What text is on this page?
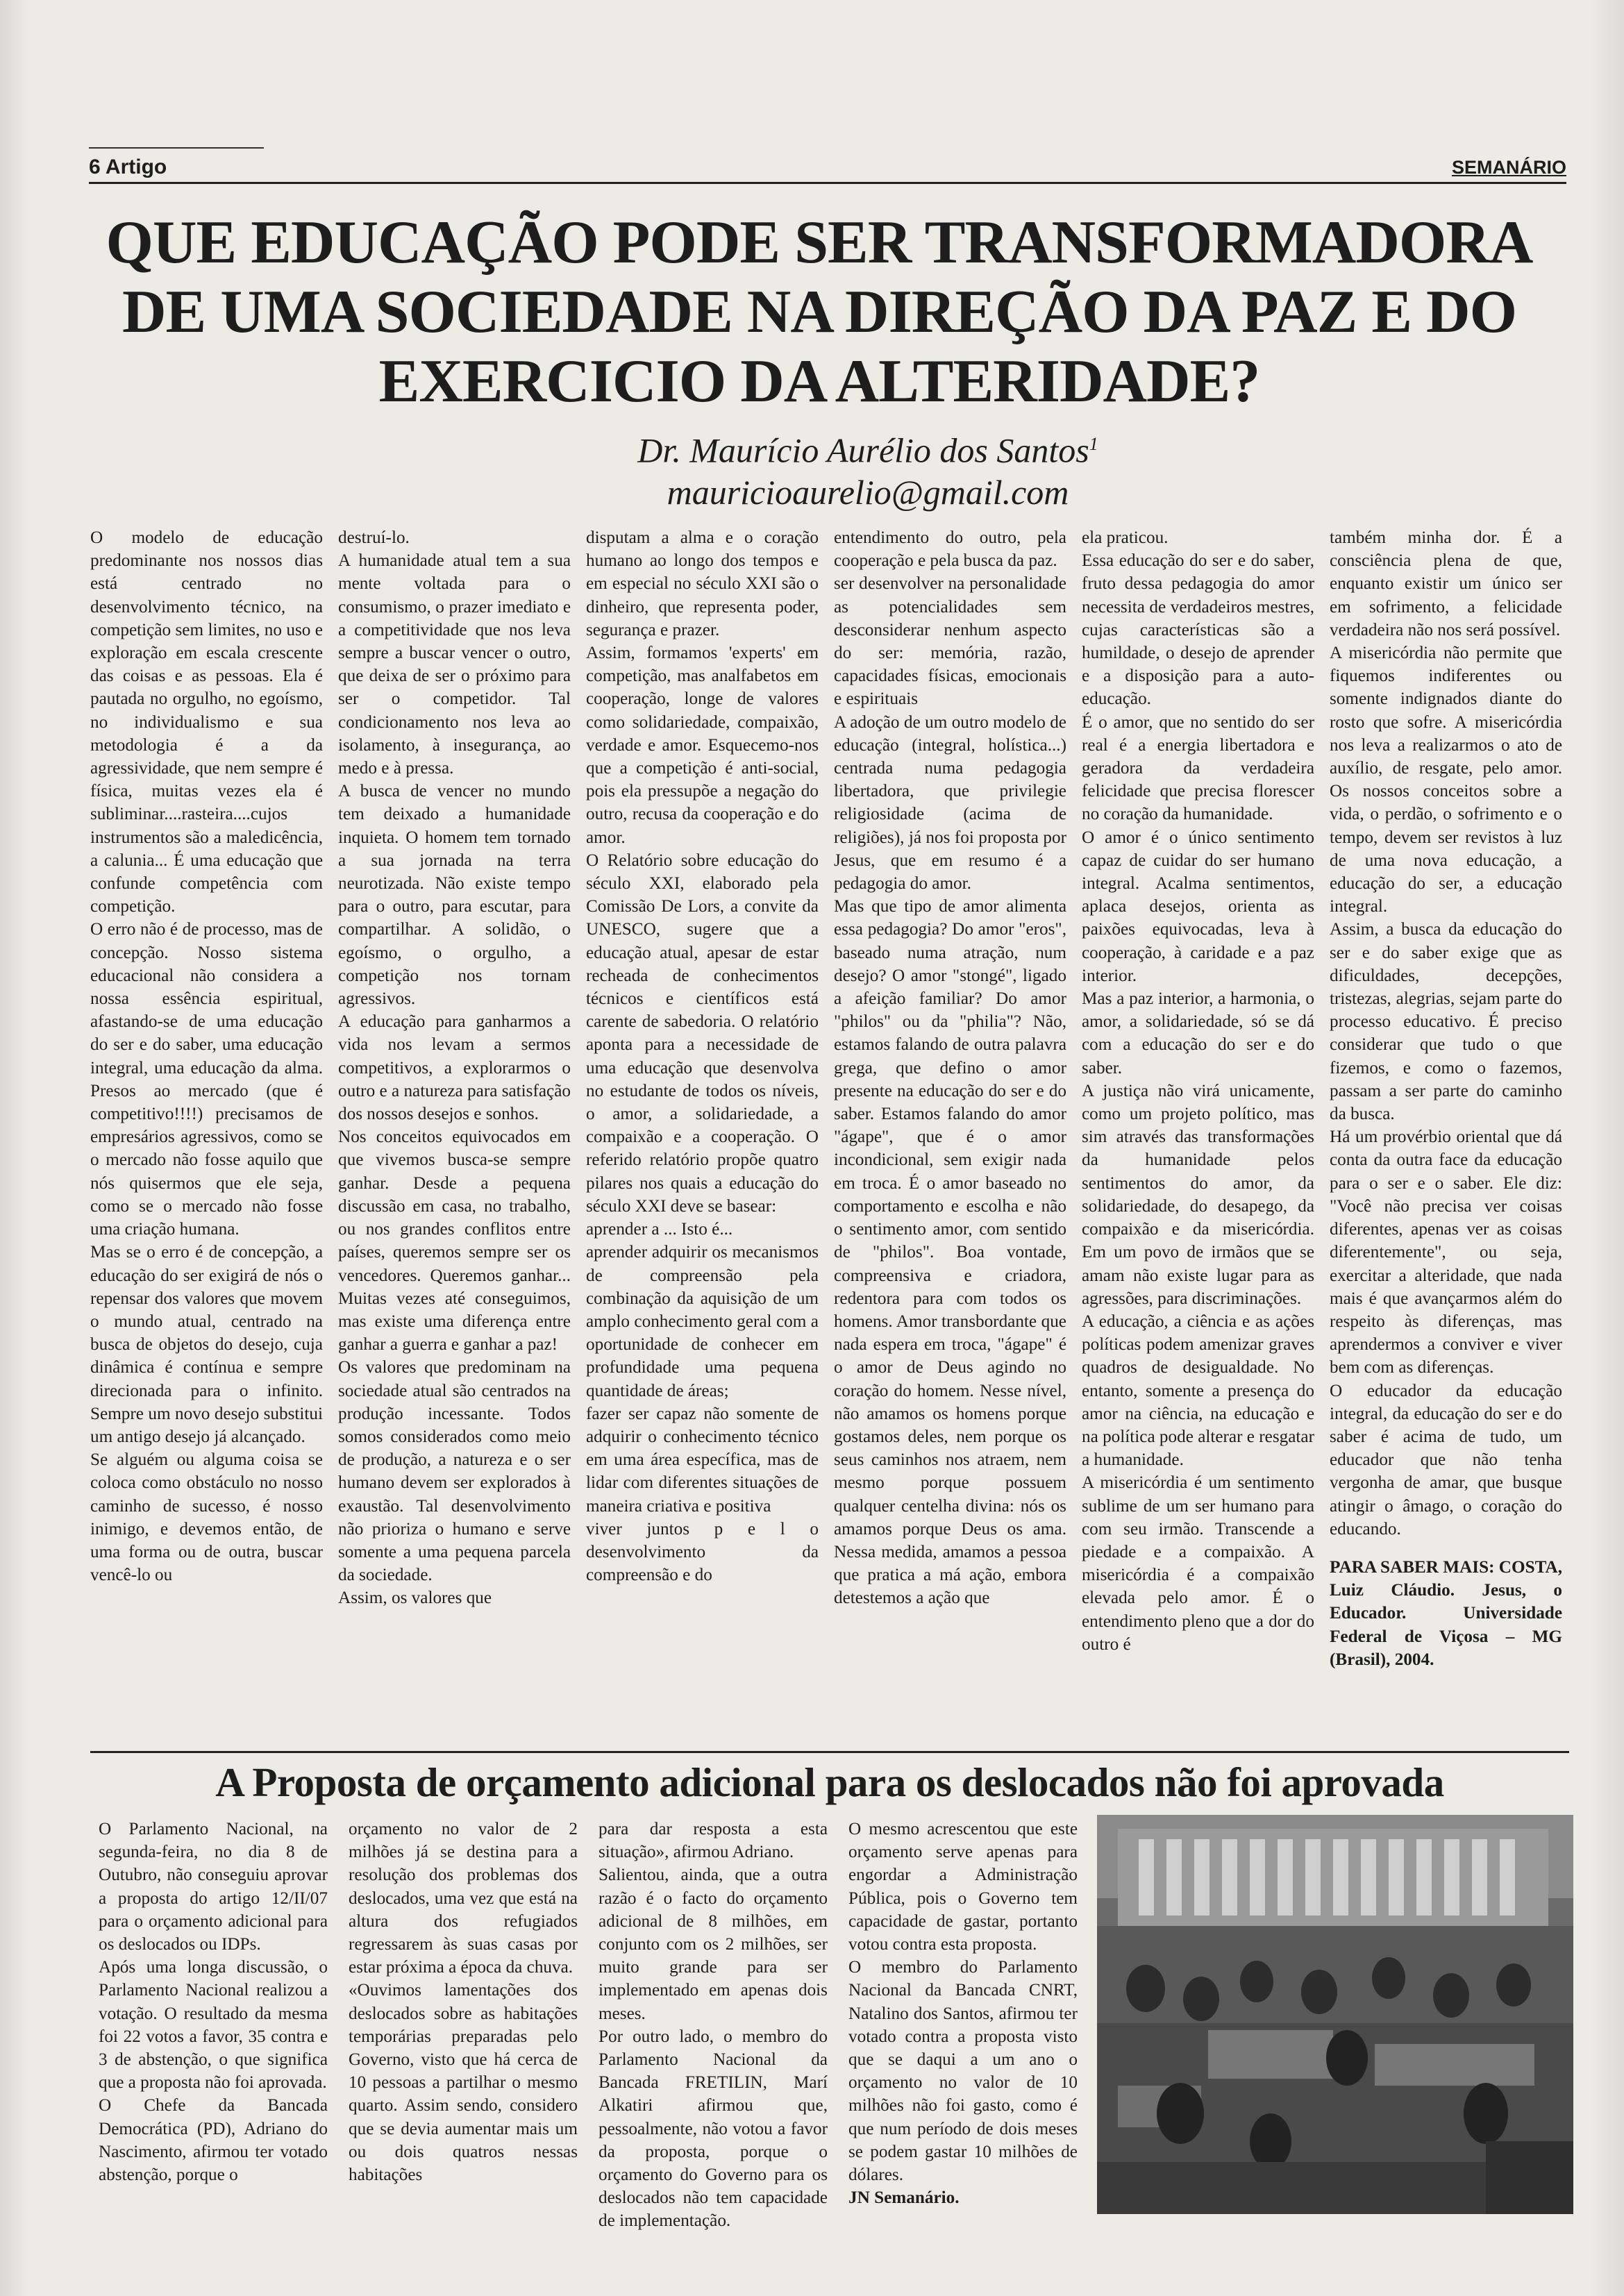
6 Artigo	SEMANÁRIO
QUE EDUCAÇÃO PODE SER TRANSFORMADORA
DE UMA SOCIEDADE NA DIREÇÃO DA PAZ E DO
EXERCICIO DA ALTERIDADE?
Dr. Maurício Aurélio dos Santos$^1$
mauricioaurelio@gmail.com

O modelo de educação predominante nos nossos dias está centrado no desenvolvimento técnico, na competição sem limites, no uso e exploração em escala crescente das coisas e as pessoas. Ela é pautada no orgulho, no egoísmo, no individualismo e sua metodologia é a da agressividade, que nem sempre é física, muitas vezes ela é subliminar....rasteira....cujos instrumentos são a maledicência, a calunia... É uma educação que confunde competência com competição.

O erro não é de processo, mas de concepção. Nosso sistema educacional não considera a nossa essência espiritual, afastando-se de uma educação do ser e do saber, uma educação integral, uma educação da alma. Presos ao mercado (que é competitivo!!!!) precisamos de empresários agressivos, como se o mercado não fosse aquilo que nós quisermos que ele seja, como se o mercado não fosse uma criação humana.

Mas se o erro é de concepção, a educação do ser exigirá de nós o repensar dos valores que movem o mundo atual, centrado na busca de objetos do desejo, cuja dinâmica é contínua e sempre direcionada para o infinito. Sempre um novo desejo substitui um antigo desejo já alcançado.

Se alguém ou alguma coisa se coloca como obstáculo no nosso caminho de sucesso, é nosso inimigo, e devemos então, de uma forma ou de outra, buscar vencê-lo ou

destruí-lo.

A humanidade atual tem a sua mente voltada para o consumismo, o prazer imediato e a competitividade que nos leva sempre a buscar vencer o outro, que deixa de ser o próximo para ser o competidor. Tal condicionamento nos leva ao isolamento, à insegurança, ao medo e à pressa.

A busca de vencer no mundo tem deixado a humanidade inquieta. O homem tem tornado a sua jornada na terra neurotizada. Não existe tempo para o outro, para escutar, para compartilhar. A solidão, o egoísmo, o orgulho, a competição nos tornam agressivos.

A educação para ganharmos a vida nos levam a sermos competitivos, a explorarmos o outro e a natureza para satisfação dos nossos desejos e sonhos.

Nos conceitos equivocados em que vivemos busca-se sempre ganhar. Desde a pequena discussão em casa, no trabalho, ou nos grandes conflitos entre países, queremos sempre ser os vencedores. Queremos ganhar... Muitas vezes até conseguimos, mas existe uma diferença entre ganhar a guerra e ganhar a paz!

Os valores que predominam na sociedade atual são centrados na produção incessante. Todos somos considerados como meio de produção, a natureza e o ser humano devem ser explorados à exaustão. Tal desenvolvimento não prioriza o humano e serve somente a uma pequena parcela da sociedade.

Assim, os valores que

disputam a alma e o coração humano ao longo dos tempos e em especial no século XXI são o dinheiro, que representa poder, segurança e prazer.

Assim, formamos 'experts' em competição, mas analfabetos em cooperação, longe de valores como solidariedade, compaixão, verdade e amor. Esquecemo-nos que a competição é anti-social, pois ela pressupõe a negação do outro, recusa da cooperação e do amor.

O Relatório sobre educação do século XXI, elaborado pela Comissão De Lors, a convite da UNESCO, sugere que a educação atual, apesar de estar recheada de conhecimentos técnicos e científicos está carente de sabedoria. O relatório aponta para a necessidade de uma educação que desenvolva no estudante de todos os níveis, o amor, a solidariedade, a compaixão e a cooperação. O referido relatório propõe quatro pilares nos quais a educação do século XXI deve se basear:

aprender a ... Isto é...

aprender adquirir os mecanismos de compreensão pela combinação da aquisição de um amplo conhecimento geral com a oportunidade de conhecer em profundidade uma pequena quantidade de áreas;

fazer ser capaz não somente de adquirir o conhecimento técnico em uma área específica, mas de lidar com diferentes situações de maneira criativa e positiva

viver juntos p e l o desenvolvimento da compreensão e do

entendimento do outro, pela cooperação e pela busca da paz.

ser desenvolver na personalidade as potencialidades sem desconsiderar nenhum aspecto do ser: memória, razão, capacidades físicas, emocionais e espirituais

A adoção de um outro modelo de educação (integral, holística...) centrada numa pedagogia libertadora, que privilegie religiosidade (acima de religiões), já nos foi proposta por Jesus, que em resumo é a pedagogia do amor.

Mas que tipo de amor alimenta essa pedagogia? Do amor "eros", baseado numa atração, num desejo? O amor "stongé", ligado a afeição familiar? Do amor "philos" ou da "philia"? Não, estamos falando de outra palavra grega, que defino o amor presente na educação do ser e do saber. Estamos falando do amor "ágape", que é o amor incondicional, sem exigir nada em troca. É o amor baseado no comportamento e escolha e não o sentimento amor, com sentido de "philos". Boa vontade, compreensiva e criadora, redentora para com todos os homens. Amor transbordante que nada espera em troca, "ágape" é o amor de Deus agindo no coração do homem. Nesse nível, não amamos os homens porque gostamos deles, nem porque os seus caminhos nos atraem, nem mesmo porque possuem qualquer centelha divina: nós os amamos porque Deus os ama. Nessa medida, amamos a pessoa que pratica a má ação, embora detestemos a ação que

ela praticou.

Essa educação do ser e do saber, fruto dessa pedagogia do amor necessita de verdadeiros mestres, cujas características são a humildade, o desejo de aprender e a disposição para a auto-educação.

É o amor, que no sentido do ser real é a energia libertadora e geradora da verdadeira felicidade que precisa florescer no coração da humanidade.

O amor é o único sentimento capaz de cuidar do ser humano integral. Acalma sentimentos, aplaca desejos, orienta as paixões equivocadas, leva à cooperação, à caridade e a paz interior.

Mas a paz interior, a harmonia, o amor, a solidariedade, só se dá com a educação do ser e do saber.

A justiça não virá unicamente, como um projeto político, mas sim através das transformações da humanidade pelos sentimentos do amor, da solidariedade, do desapego, da compaixão e da misericórdia. Em um povo de irmãos que se amam não existe lugar para as agressões, para discriminações.

A educação, a ciência e as ações políticas podem amenizar graves quadros de desigualdade. No entanto, somente a presença do amor na ciência, na educação e na política pode alterar e resgatar a humanidade.

A misericórdia é um sentimento sublime de um ser humano para com seu irmão. Transcende a piedade e a compaixão. A misericórdia é a compaixão elevada pelo amor. É o entendimento pleno que a dor do outro é

também minha dor. É a consciência plena de que, enquanto existir um único ser em sofrimento, a felicidade verdadeira não nos será possível.

A misericórdia não permite que fiquemos indiferentes ou somente indignados diante do rosto que sofre. A misericórdia nos leva a realizarmos o ato de auxílio, de resgate, pelo amor. Os nossos conceitos sobre a vida, o perdão, o sofrimento e o tempo, devem ser revistos à luz de uma nova educação, a educação do ser, a educação integral.

Assim, a busca da educação do ser e do saber exige que as dificuldades, decepções, tristezas, alegrias, sejam parte do processo educativo. É preciso considerar que tudo o que fizemos, e como o fazemos, passam a ser parte do caminho da busca.

Há um provérbio oriental que dá conta da outra face da educação para o ser e o saber. Ele diz: "Você não precisa ver coisas diferentes, apenas ver as coisas diferentemente", ou seja, exercitar a alteridade, que nada mais é que avançarmos além do respeito às diferenças, mas aprendermos a conviver e viver bem com as diferenças.

O educador da educação integral, da educação do ser e do saber é acima de tudo, um educador que não tenha vergonha de amar, que busque atingir o âmago, o coração do educando.

PARA SABER MAIS: COSTA, Luiz Cláudio. Jesus, o Educador. Universidade Federal de Viçosa – MG (Brasil), 2004.

A Proposta de orçamento adicional para os deslocados não foi aprovada

O Parlamento Nacional, na segunda-feira, no dia 8 de Outubro, não conseguiu aprovar a proposta do artigo 12/II/07 para o orçamento adicional para os deslocados ou IDPs.

Após uma longa discussão, o Parlamento Nacional realizou a votação. O resultado da mesma foi 22 votos a favor, 35 contra e 3 de abstenção, o que significa que a proposta não foi aprovada.

O Chefe da Bancada Democrática (PD), Adriano do Nascimento, afirmou ter votado abstenção, porque o

orçamento no valor de 2 milhões já se destina para a resolução dos problemas dos deslocados, uma vez que está na altura dos refugiados regressarem às suas casas por estar próxima a época da chuva.

«Ouvimos lamentações dos deslocados sobre as habitações temporárias preparadas pelo Governo, visto que há cerca de 10 pessoas a partilhar o mesmo quarto. Assim sendo, considero que se devia aumentar mais um ou dois quatros nessas habitações

para dar resposta a esta situação», afirmou Adriano.

Salientou, ainda, que a outra razão é o facto do orçamento adicional de 8 milhões, em conjunto com os 2 milhões, ser muito grande para ser implementado em apenas dois meses.

Por outro lado, o membro do Parlamento Nacional da Bancada FRETILIN, Marí Alkatiri afirmou que, pessoalmente, não votou a favor da proposta, porque o orçamento do Governo para os deslocados não tem capacidade de implementação.

O mesmo acrescentou que este orçamento serve apenas para engordar a Administração Pública, pois o Governo tem capacidade de gastar, portanto votou contra esta proposta.

O membro do Parlamento Nacional da Bancada CNRT, Natalino dos Santos, afirmou ter votado contra a proposta visto que se daqui a um ano o orçamento no valor de 10 milhões não foi gasto, como é que num período de dois meses se podem gastar 10 milhões de dólares.

JN Semanário.
